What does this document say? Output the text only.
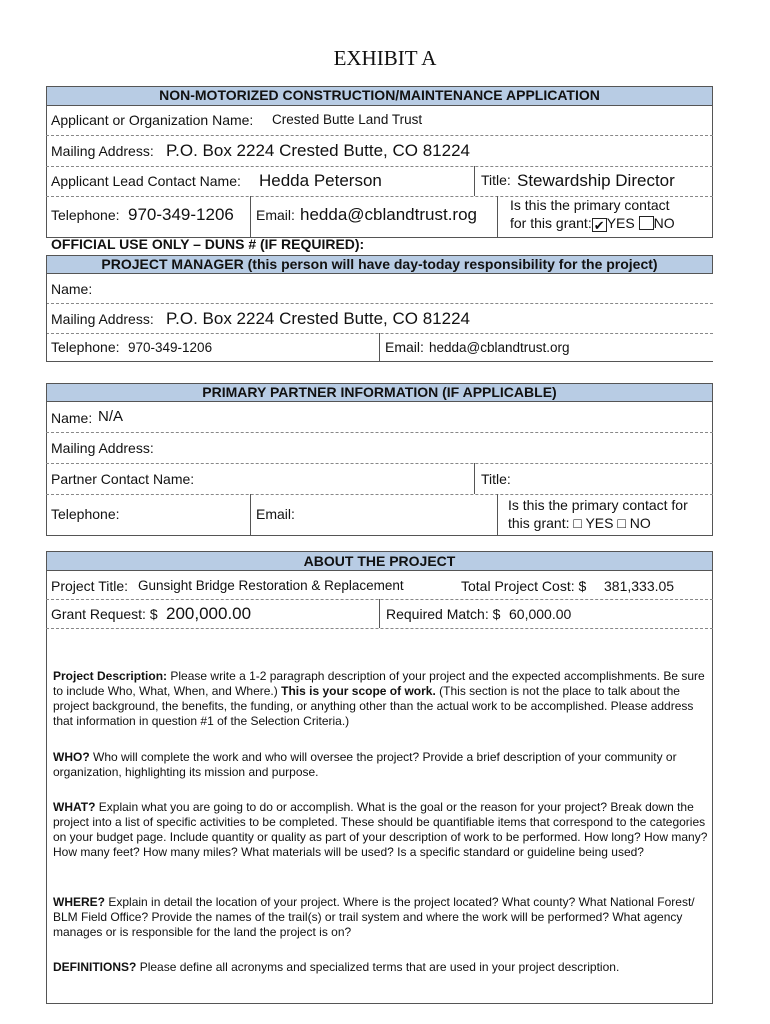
EXHIBIT A
NON-MOTORIZED CONSTRUCTION/MAINTENANCE APPLICATION
Applicant or Organization Name: Crested Butte Land Trust
Mailing Address: P.O. Box 2224 Crested Butte, CO 81224
Applicant Lead Contact Name: Hedda Peterson	Title: Stewardship Director
Telephone: 970-349-1206 Email: hedda@cblandtrust.rog Is this the primary contact
for this grant: ✔ YES NO
OFFICIAL USE ONLY – DUNS # (IF REQUIRED):
PROJECT MANAGER (this person will have day-today responsibility for the project)
Name:
Mailing Address: P.O. Box 2224 Crested Butte, CO 81224
Telephone: 970-349-1206	Email: hedda@cblandtrust.org
PRIMARY PARTNER INFORMATION (IF APPLICABLE)
Name: N/A
Mailing Address:
Partner Contact Name:	Title:
Telephone:	Email:
Is this the primary contact for
this grant: □ YES □ NO
ABOUT THE PROJECT
Project Title: Gunsight Bridge Restoration & Replacement	Total Project Cost: $ 381,333.05
Grant Request: $ 200,000.00	Required Match: $ 60,000.00
Project Description: Please write a 1-2 paragraph description of your project and the expected accomplishments. Be sure to include Who, What, When, and Where.) This is your scope of work. (This section is not the place to talk about the project background, the benefits, the funding, or anything other than the actual work to be accomplished. Please address that information in question #1 of the Selection Criteria.)
WHO? Who will complete the work and who will oversee the project? Provide a brief description of your community or organization, highlighting its mission and purpose.
WHAT? Explain what you are going to do or accomplish. What is the goal or the reason for your project? Break down the project into a list of specific activities to be completed. These should be quantifiable items that correspond to the categories on your budget page. Include quantity or quality as part of your description of work to be performed. How long? How many? How many feet? How many miles? What materials will be used? Is a specific standard or guideline being used?
WHERE? Explain in detail the location of your project. Where is the project located? What county? What National Forest/ BLM Field Office? Provide the names of the trail(s) or trail system and where the work will be performed? What agency manages or is responsible for the land the project is on?
DEFINITIONS? Please define all acronyms and specialized terms that are used in your project description.
